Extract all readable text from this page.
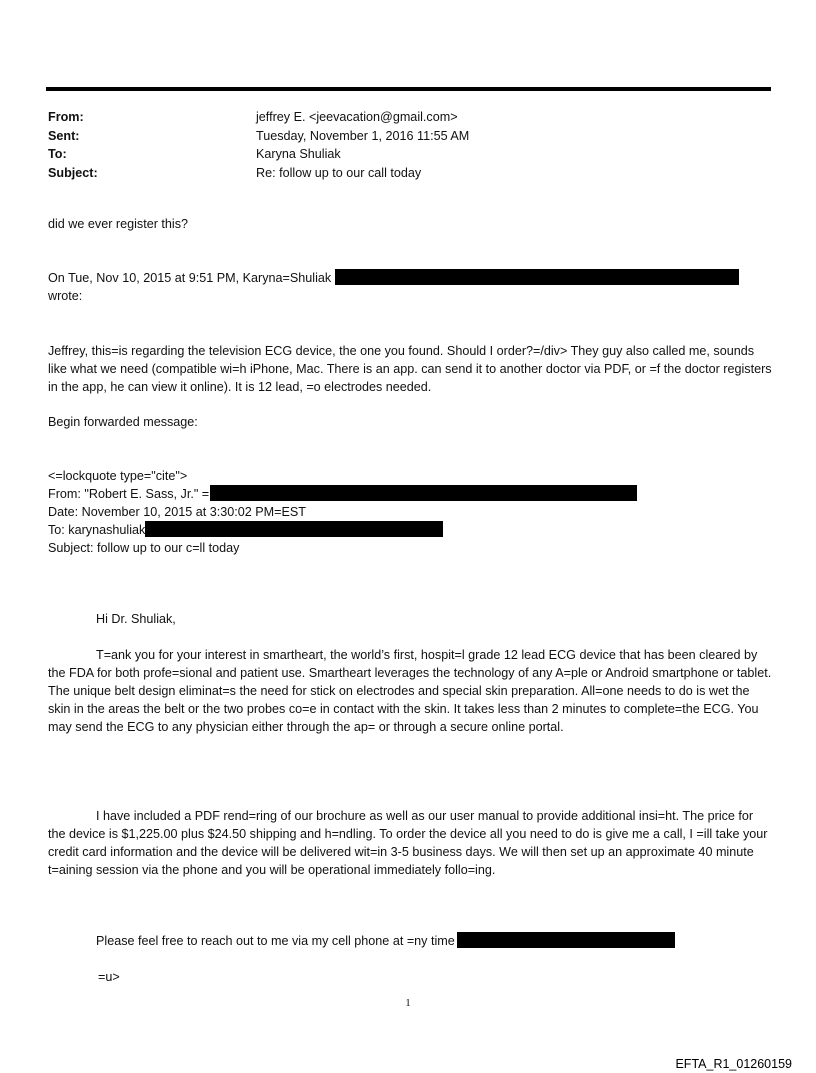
From:	jeffrey E. <jeevacation@gmail.com>
Sent:	Tuesday, November 1, 2016 11:55 AM
To:	Karyna Shuliak
Subject:	Re: follow up to our call today
did we ever register this?
On Tue, Nov 10, 2015 at 9:51 PM, Karyna=Shuliak
wrote:
Jeffrey, this=is regarding the television ECG device, the one you found. Should I order?=/div> They guy also called me, sounds like what we need (compatible wi=h iPhone, Mac. There is an app. can send it to another doctor via PDF, or =f the doctor registers in the app, he can view it online). It is 12 lead, =o electrodes needed.
Begin forwarded message:
<=lockquote type="cite">
From: "Robert E. Sass, Jr." =
Date: November 10, 2015 at 3:30:02 PM=EST
To: karynashuliak
Subject: follow up to our c=ll today
Hi Dr. Shuliak,
T=ank you for your interest in smartheart, the world’s first, hospit=l grade 12 lead ECG device that has been cleared by the FDA for both profe=sional and patient use. Smartheart leverages the technology of any A=ple or Android smartphone or tablet. The unique belt design eliminat=s the need for stick on electrodes and special skin preparation. All=one needs to do is wet the skin in the areas the belt or the two probes co=e in contact with the skin. It takes less than 2 minutes to complete=the ECG. You may send the ECG to any physician either through the ap= or through a secure online portal.
I have included a PDF rend=ring of our brochure as well as our user manual to provide additional insi=ht. The price for the device is $1,225.00 plus $24.50 shipping and h=ndling. To order the device all you need to do is give me a call, I =ill take your credit card information and the device will be delivered wit=in 3-5 business days. We will then set up an approximate 40 minute t=aining session via the phone and you will be operational immediately follo=ing.
Please feel free to reach out to me via my cell phone at =ny time
=u>
1
EFTA_R1_01260159
